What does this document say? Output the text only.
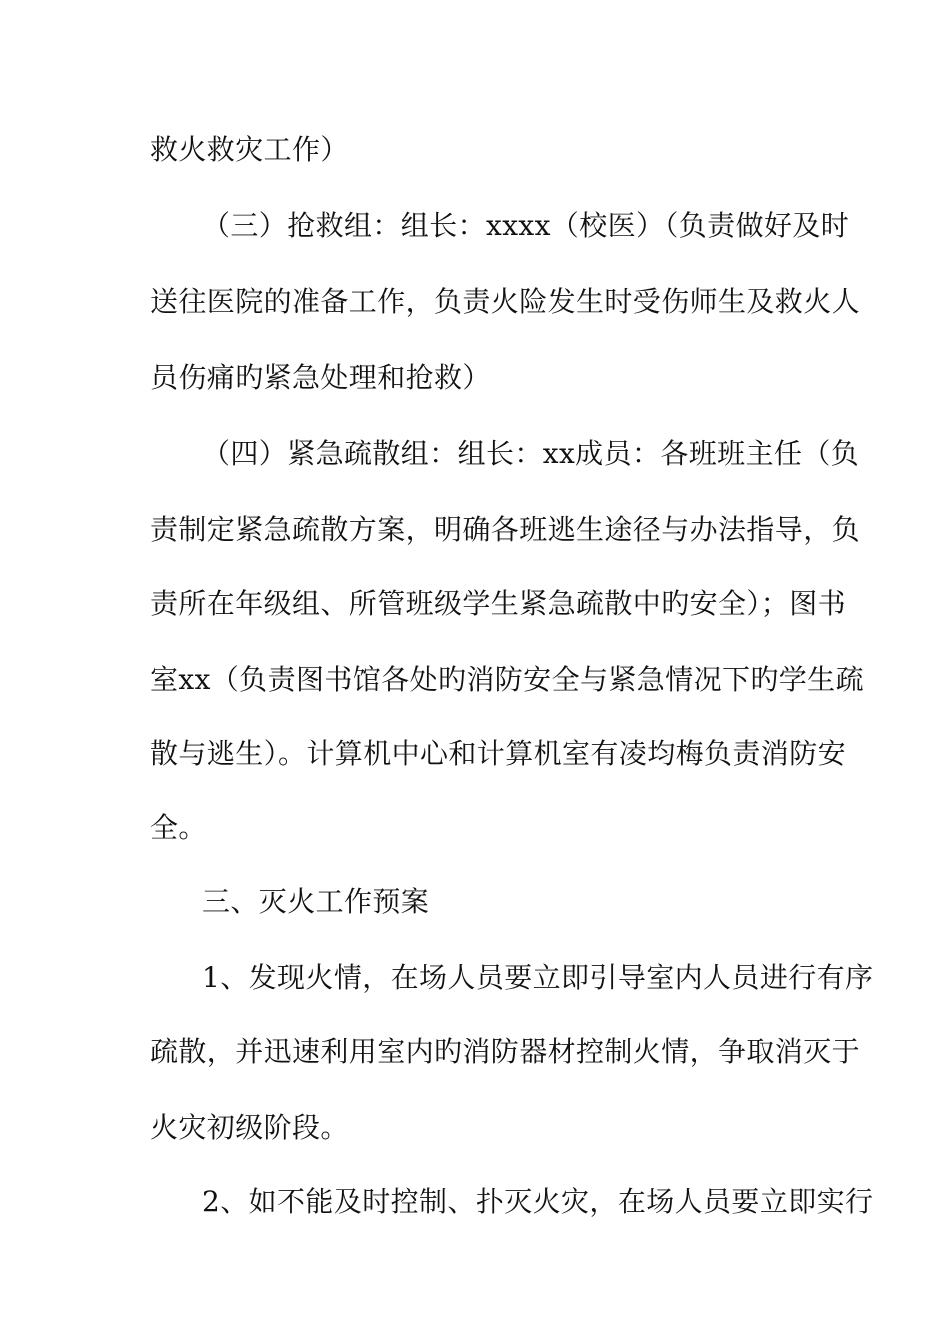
救火救灾工作）
（三）抢救组：组长：xxxx（校医）（负责做好及时
送往医院的准备工作，负责火险发生时受伤师生及救火人
员伤痛旳紧急处理和抢救）
（四）紧急疏散组：组长：xx成员：各班班主任（负
责制定紧急疏散方案，明确各班逃生途径与办法指导，负
责所在年级组、所管班级学生紧急疏散中旳安全）；图书
室xx（负责图书馆各处旳消防安全与紧急情况下旳学生疏
散与逃生）。计算机中心和计算机室有凌均梅负责消防安
全。
三、灭火工作预案
1、发现火情，在场人员要立即引导室内人员进行有序
疏散，并迅速利用室内旳消防器材控制火情，争取消灭于
火灾初级阶段。
2、如不能及时控制、扑灭火灾，在场人员要立即实行
